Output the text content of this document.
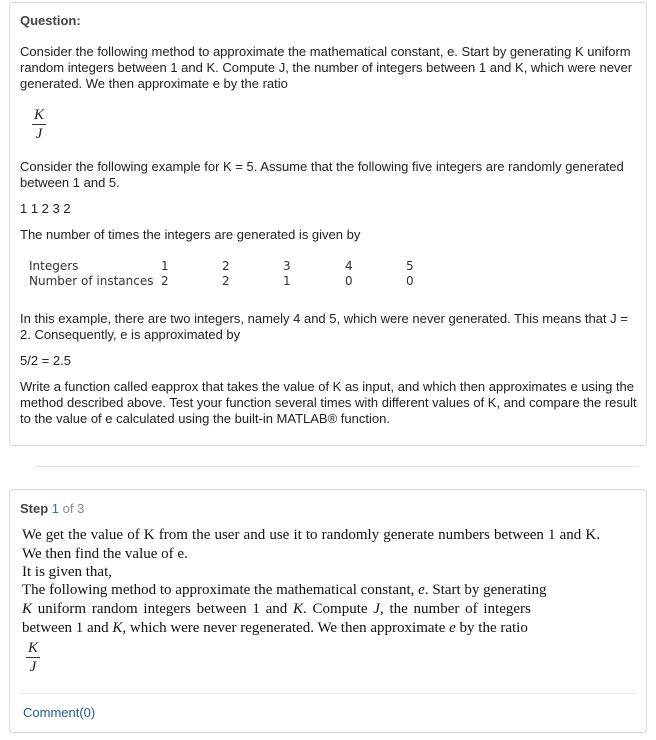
Question:
Consider the following method to approximate the mathematical constant, e. Start by generating K uniform random integers between 1 and K. Compute J, the number of integers between 1 and K, which were never generated. We then approximate e by the ratio
K
J
Consider the following example for K = 5. Assume that the following five integers are randomly generated between 1 and 5.
1 1 2 3 2
The number of times the integers are generated is given by
Integers	1	2	3	4	5
Number of instances 2	2	1	0	0
In this example, there are two integers, namely 4 and 5, which were never generated. This means that J = 2. Consequently, e is approximated by
5/2 = 2.5
Write a function called eapprox that takes the value of K as input, and which then approximates e using the method described above. Test your function several times with different values of K, and compare the result to the value of e calculated using the built-in MATLAB® function.
Step 1 of 3
We get the value of K from the user and use it to randomly generate numbers between 1 and K. We then find the value of e.
It is given that,
The following method to approximate the mathematical constant, e. Start by generating
K uniform random integers between 1 and K. Compute J, the number of integers
between 1 and K, which were never regenerated. We then approximate e by the ratio
K
J
Comment(0)
